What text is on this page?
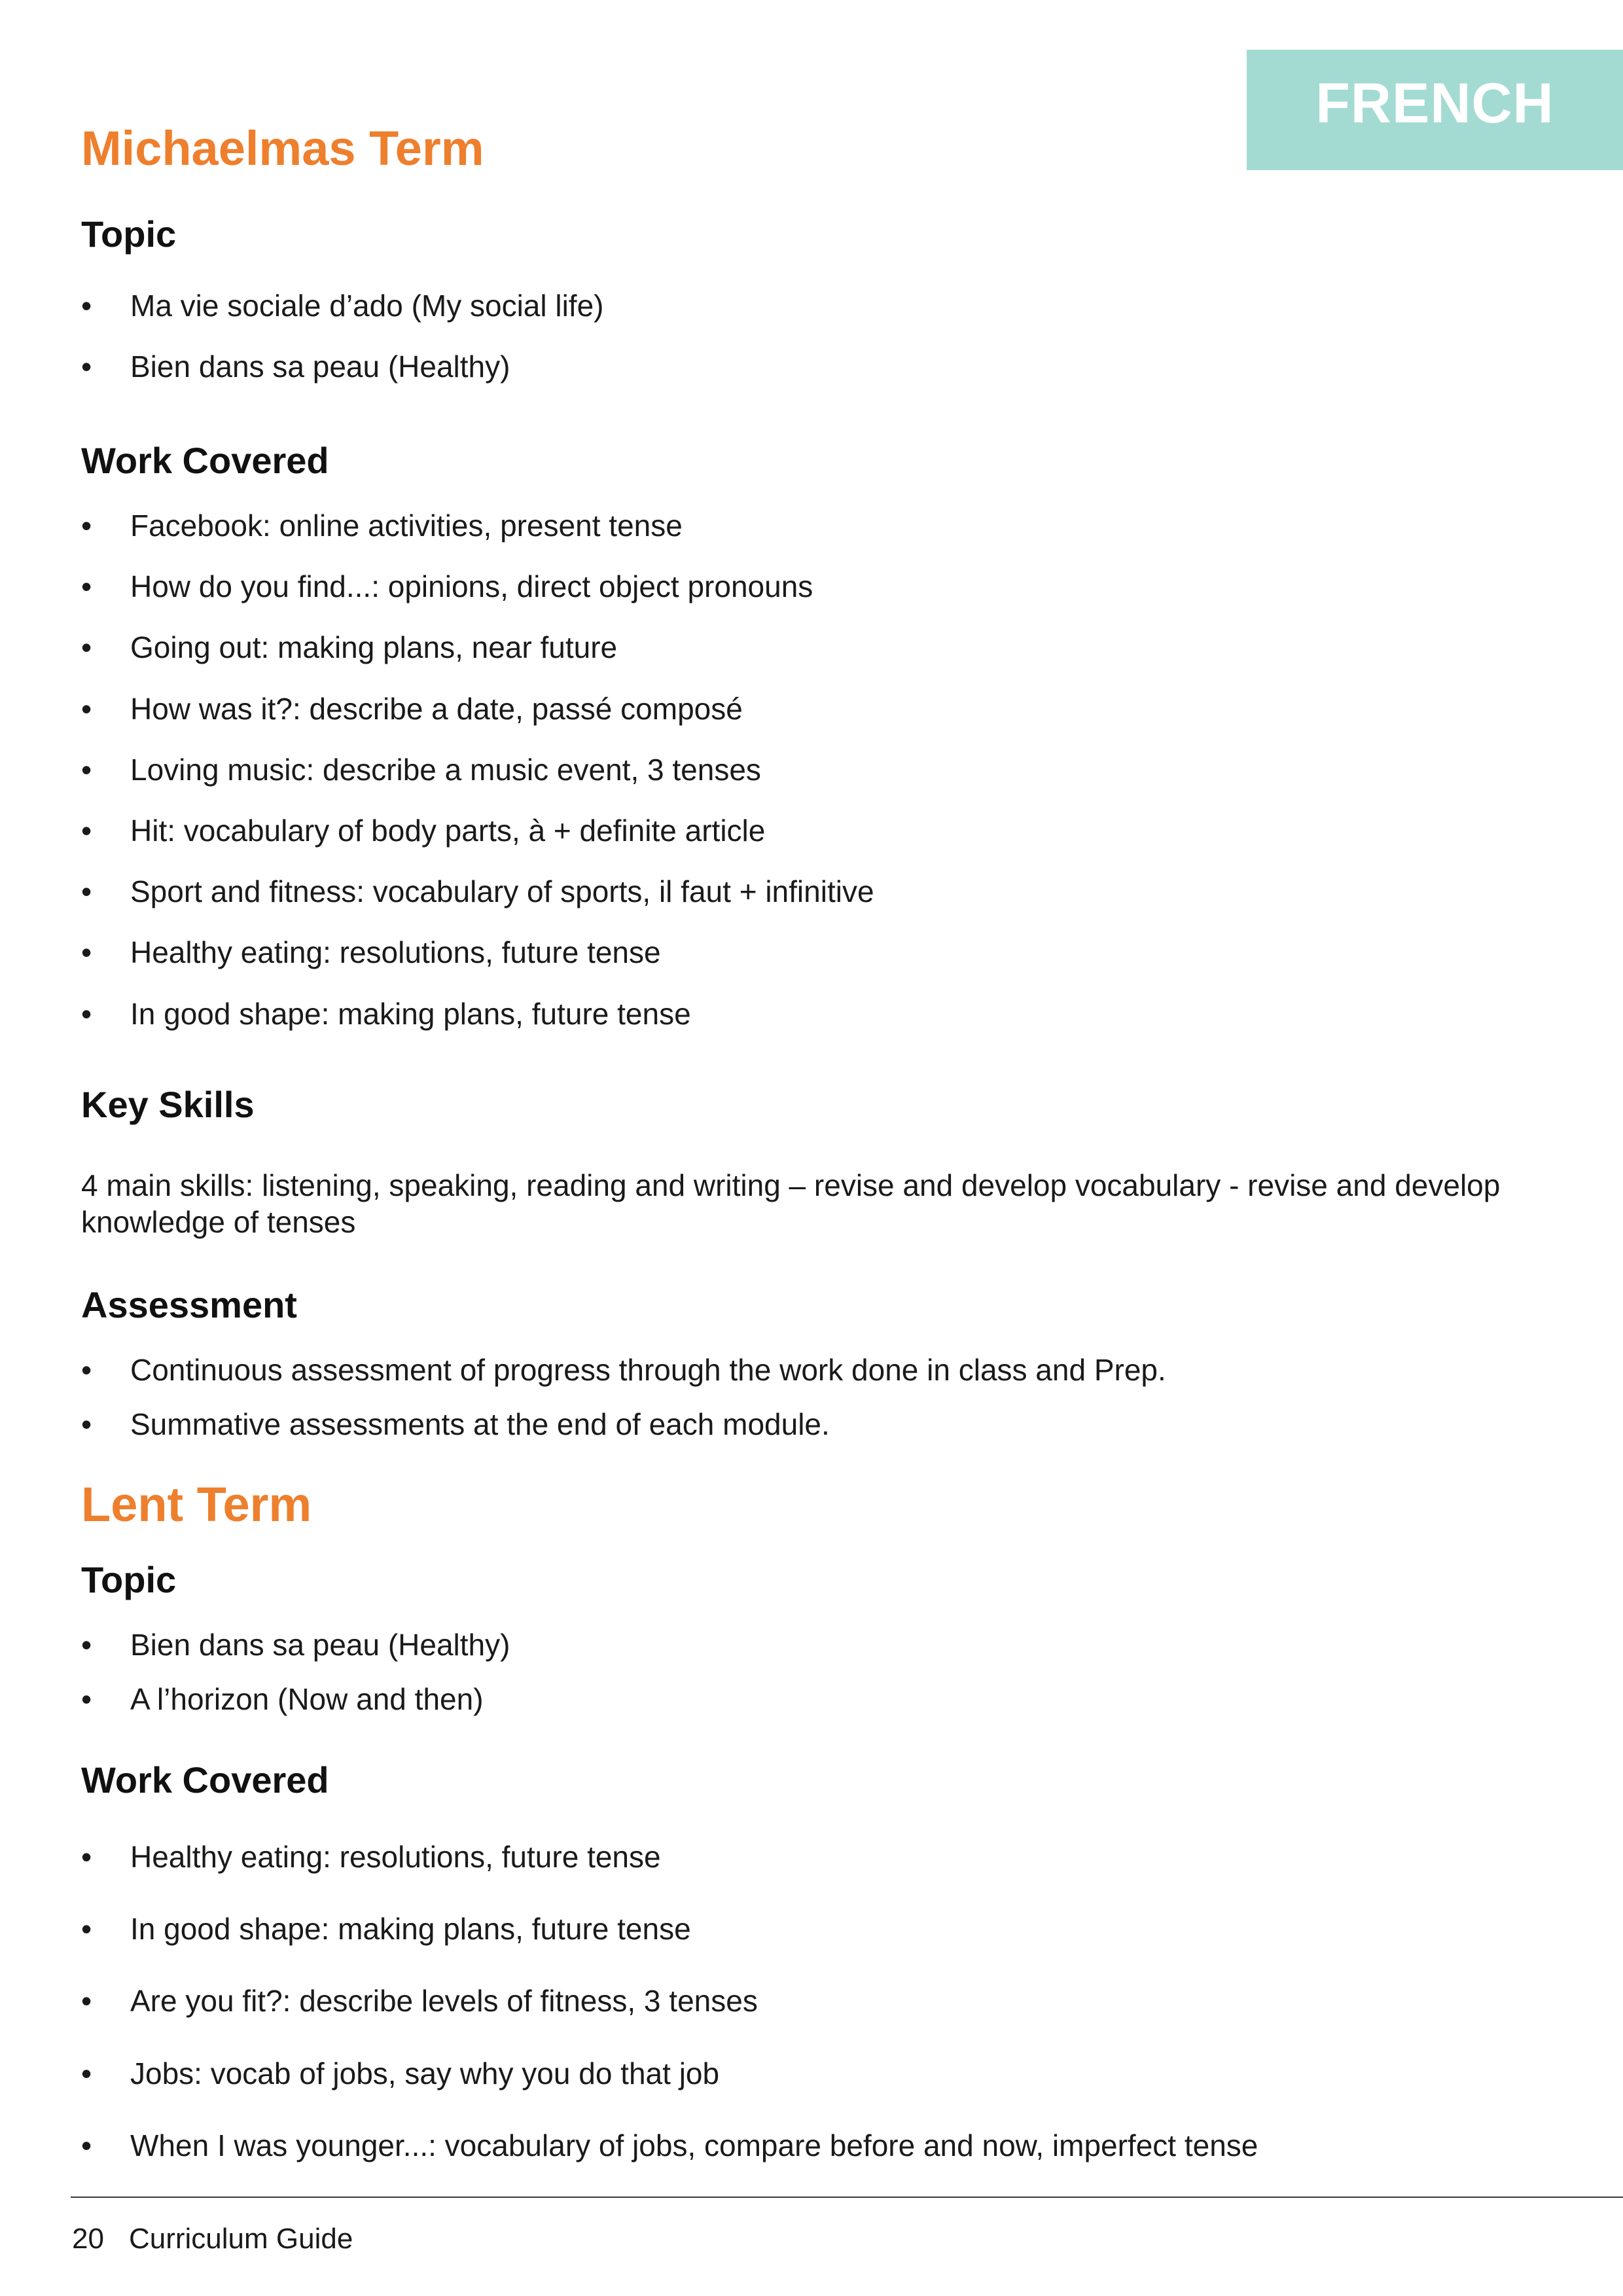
FRENCH
Michaelmas Term
Topic
• Ma vie sociale d’ado (My social life)
• Bien dans sa peau (Healthy)
Work Covered
• Facebook: online activities, present tense
• How do you find...: opinions, direct object pronouns
• Going out: making plans, near future
• How was it?: describe a date, passé composé
• Loving music: describe a music event, 3 tenses
• Hit: vocabulary of body parts, à + definite article
• Sport and fitness: vocabulary of sports, il faut + infinitive
• Healthy eating: resolutions, future tense
• In good shape: making plans, future tense
Key Skills

4 main skills: listening, speaking, reading and writing – revise and develop vocabulary - revise and develop knowledge of tenses

Assessment
• Continuous assessment of progress through the work done in class and Prep.
• Summative assessments at the end of each module.
Lent Term
Topic
• Bien dans sa peau (Healthy)
• A l’horizon (Now and then)
Work Covered
• Healthy eating: resolutions, future tense
• In good shape: making plans, future tense
• Are you fit?: describe levels of fitness, 3 tenses
• Jobs: vocab of jobs, say why you do that job
• When I was younger...: vocabulary of jobs, compare before and now, imperfect tense
20 Curriculum Guide
